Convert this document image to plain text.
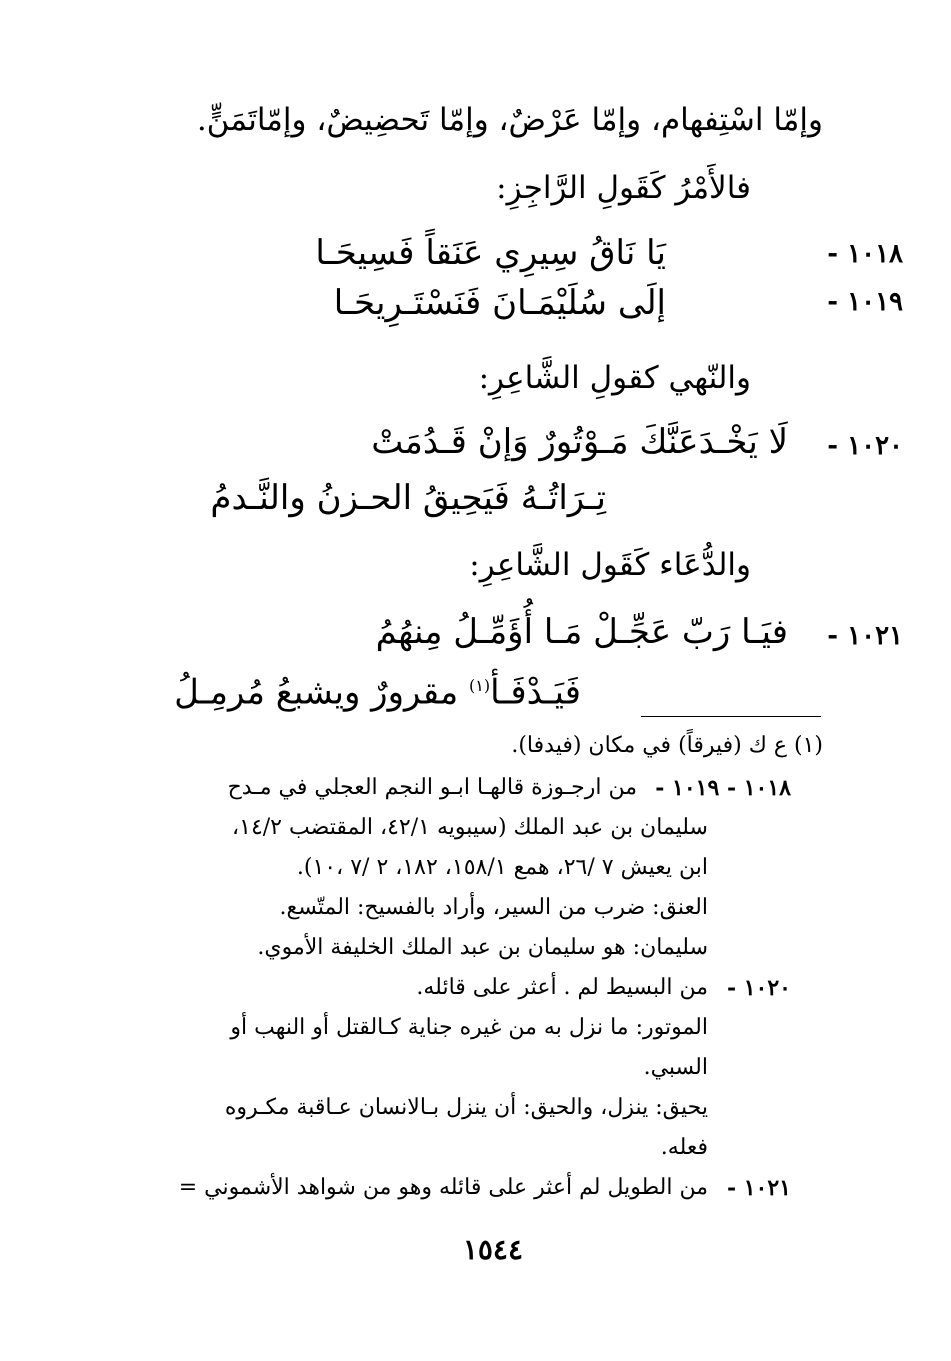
وإمّا اسْتِفهام، وإمّا عَرْضٌ، وإمّا تَحضِيضٌ، وإمّاتَمَنٍّ.
فالأَمْرُ كَقَولِ الرَّاجِزِ:
١٠١٨ -
يَا نَاقُ سِيرِي عَنَقاً فَسِيحَـا
١٠١٩ -
إلَى سُلَيْمَـانَ فَنَسْتَـرِيحَـا
والنّهي كقولِ الشَّاعِرِ:
١٠٢٠ -
لَا يَخْـدَعَنَّكَ مَـوْتُورٌ وَإنْ قَـدُمَتْ
تِـرَاتُـهُ فَيَحِيقُ الحـزنُ والنَّـدمُ
والدُّعَاء كَقَول الشَّاعِرِ:
١٠٢١ -
فيَـا رَبّ عَجِّـلْ مَـا أُؤَمِّـلُ مِنهُمُ
فَيَـدْفَـأ$^{(١)}$ مقرورٌ ويشبعُ مُرمِـلُ
(١) ع ك (فيرقاً) في مكان (فيدفا).
١٠١٨ - ١٠١٩ -
من ارجـوزة قالهـا ابـو النجم العجلي في مـدح
سليمان بن عبد الملك (سيبويه ٤٢/١، المقتضب ١٤/٢،
ابن يعيش ٧ /٢٦، همع ١٥٨/١، ١٨٢، ٢ /٧ ،١٠).
العنق: ضرب من السير، وأراد بالفسيح: المتّسع.
سليمان: هو سليمان بن عبد الملك الخليفة الأموي.
١٠٢٠ -
من البسيط لم . أعثر على قائله.
الموتور: ما نزل به من غيره جناية كـالقتل أو النهب أو
السبي.
يحيق: ينزل، والحيق: أن ينزل بـالانسان عـاقبة مكـروه
فعله.
١٠٢١ -
من الطويل لم أعثر على قائله وهو من شواهد الأشموني =
١٥٤٤
